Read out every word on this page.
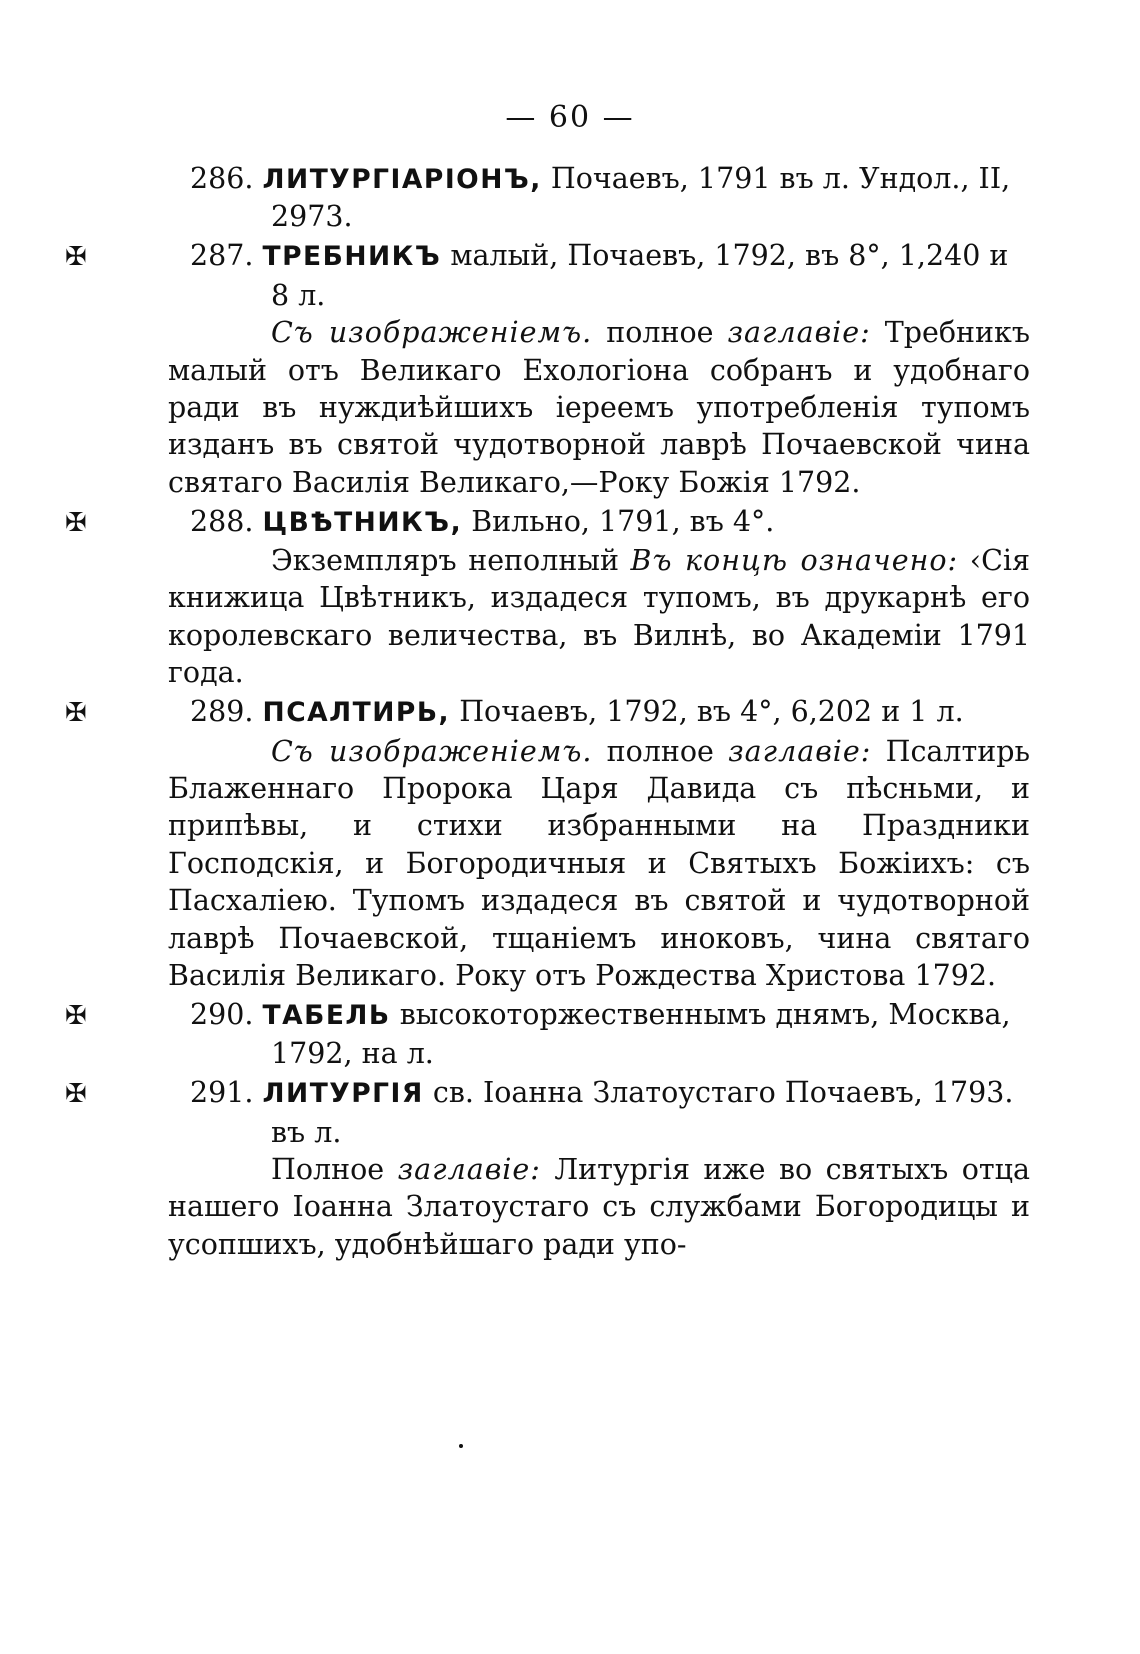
— 60 —
286. ЛИТУРГІАРІОНЪ, Почаевъ, 1791 въ л. Ундол., II, 2973.
✠	287. ТРЕБНИКЪ малый, Почаевъ, 1792, въ 8°, 1,240 и 8 л.

Съ изображеніемъ. полное заглавіе: Требникъ малый отъ Великаго Ехологіона собранъ и удобнаго ради въ нуждиѣйшихъ іереемъ употребленія тупомъ изданъ въ святой чудотворной лаврѣ Почаевской чина святаго Василія Великаго,—Року Божія 1792.

✠	288. ЦВѢТНИКЪ, Вильно, 1791, въ 4°.

Экземпляръ неполный Въ концѣ означено: ‹Сія книжица Цвѣтникъ, издадеся тупомъ, въ друкарнѣ его королевскаго величества, въ Вилнѣ, во Академіи 1791 года.

✠	289. ПСАЛТИРЬ, Почаевъ, 1792, въ 4°, 6,202 и 1 л.

Съ изображеніемъ. полное заглавіе: Псалтирь Блаженнаго Пророка Царя Давида съ пѣсньми, и припѣвы, и стихи избранными на Праздники Господскія, и Богородичныя и Святыхъ Божіихъ: съ Пасхаліею. Тупомъ издадеся въ святой и чудотворной лаврѣ Почаевской, тщаніемъ иноковъ, чина святаго Василія Великаго. Року отъ Рождества Христова 1792.

✠	290. ТАБЕЛЬ высокоторжественнымъ днямъ, Москва, 1792, на л.
✠	291. ЛИТУРГІЯ св. Іоанна Златоустаго Почаевъ, 1793. въ л.

Полное заглавіе: Литургія иже во святыхъ отца нашего Іоанна Златоустаго съ службами Богородицы и усопшихъ, удобнѣйшаго ради упо-
